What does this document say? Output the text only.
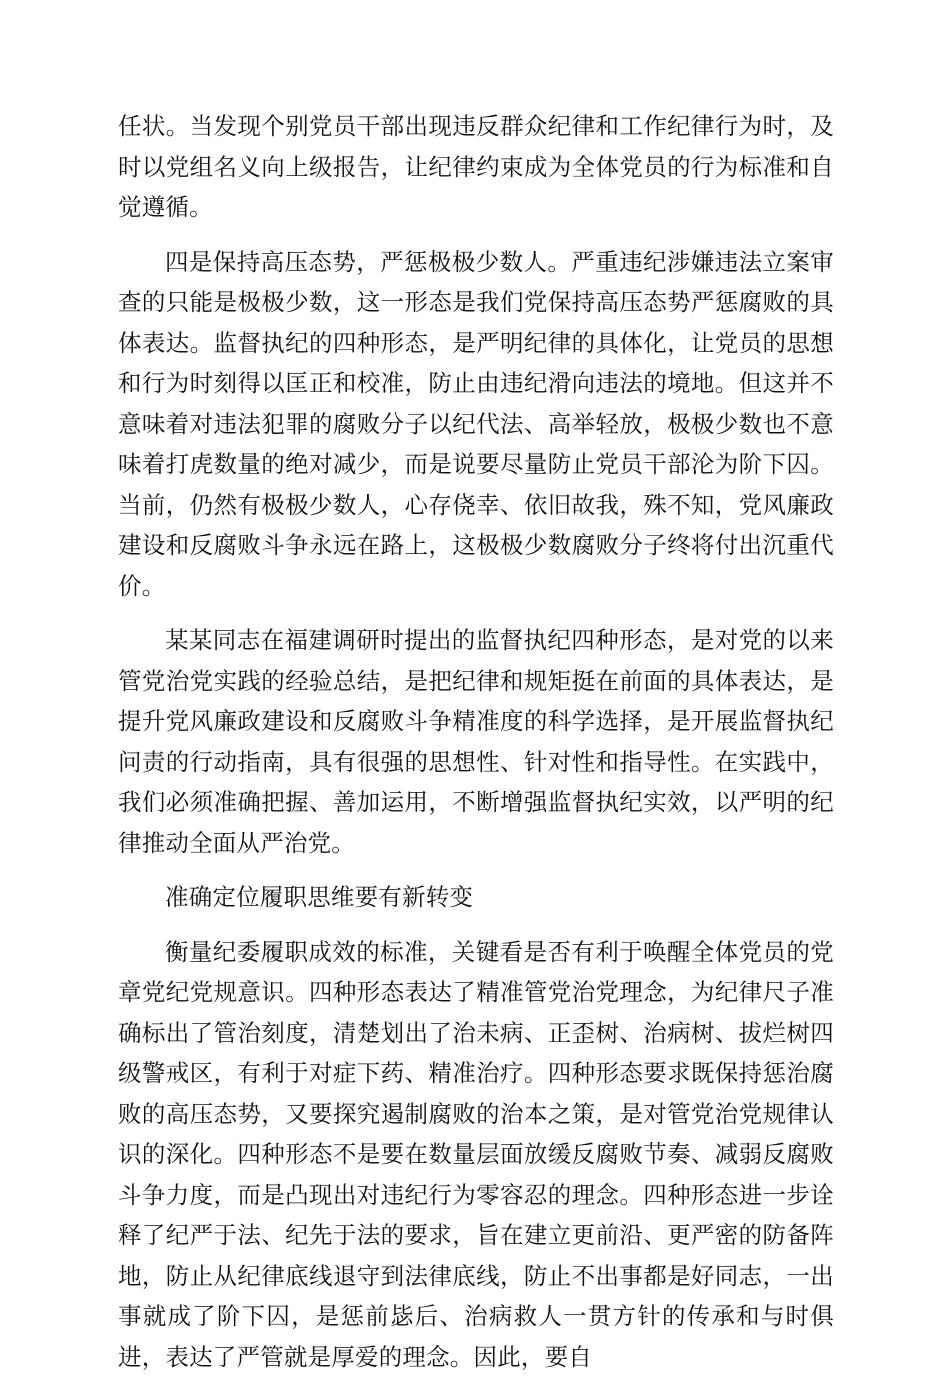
任状。当发现个别党员干部出现违反群众纪律和工作纪律行为时，及时以党组名义向上级报告，让纪律约束成为全体党员的行为标准和自觉遵循。

四是保持高压态势，严惩极极少数人。严重违纪涉嫌违法立案审查的只能是极极少数，这一形态是我们党保持高压态势严惩腐败的具体表达。监督执纪的四种形态，是严明纪律的具体化，让党员的思想和行为时刻得以匡正和校准，防止由违纪滑向违法的境地。但这并不意味着对违法犯罪的腐败分子以纪代法、高举轻放，极极少数也不意味着打虎数量的绝对减少，而是说要尽量防止党员干部沦为阶下囚。当前，仍然有极极少数人，心存侥幸、依旧故我，殊不知，党风廉政建设和反腐败斗争永远在路上，这极极少数腐败分子终将付出沉重代价。

某某同志在福建调研时提出的监督执纪四种形态，是对党的以来管党治党实践的经验总结，是把纪律和规矩挺在前面的具体表达，是提升党风廉政建设和反腐败斗争精准度的科学选择，是开展监督执纪问责的行动指南，具有很强的思想性、针对性和指导性。在实践中，我们必须准确把握、善加运用，不断增强监督执纪实效，以严明的纪律推动全面从严治党。

准确定位履职思维要有新转变

衡量纪委履职成效的标准，关键看是否有利于唤醒全体党员的党章党纪党规意识。四种形态表达了精准管党治党理念，为纪律尺子准确标出了管治刻度，清楚划出了治未病、正歪树、治病树、拔烂树四级警戒区，有利于对症下药、精准治疗。四种形态要求既保持惩治腐败的高压态势，又要探究遏制腐败的治本之策，是对管党治党规律认识的深化。四种形态不是要在数量层面放缓反腐败节奏、减弱反腐败斗争力度，而是凸现出对违纪行为零容忍的理念。四种形态进一步诠释了纪严于法、纪先于法的要求，旨在建立更前沿、更严密的防备阵地，防止从纪律底线退守到法律底线，防止不出事都是好同志，一出事就成了阶下囚，是惩前毖后、治病救人一贯方针的传承和与时俱进，表达了严管就是厚爱的理念。因此，要自
